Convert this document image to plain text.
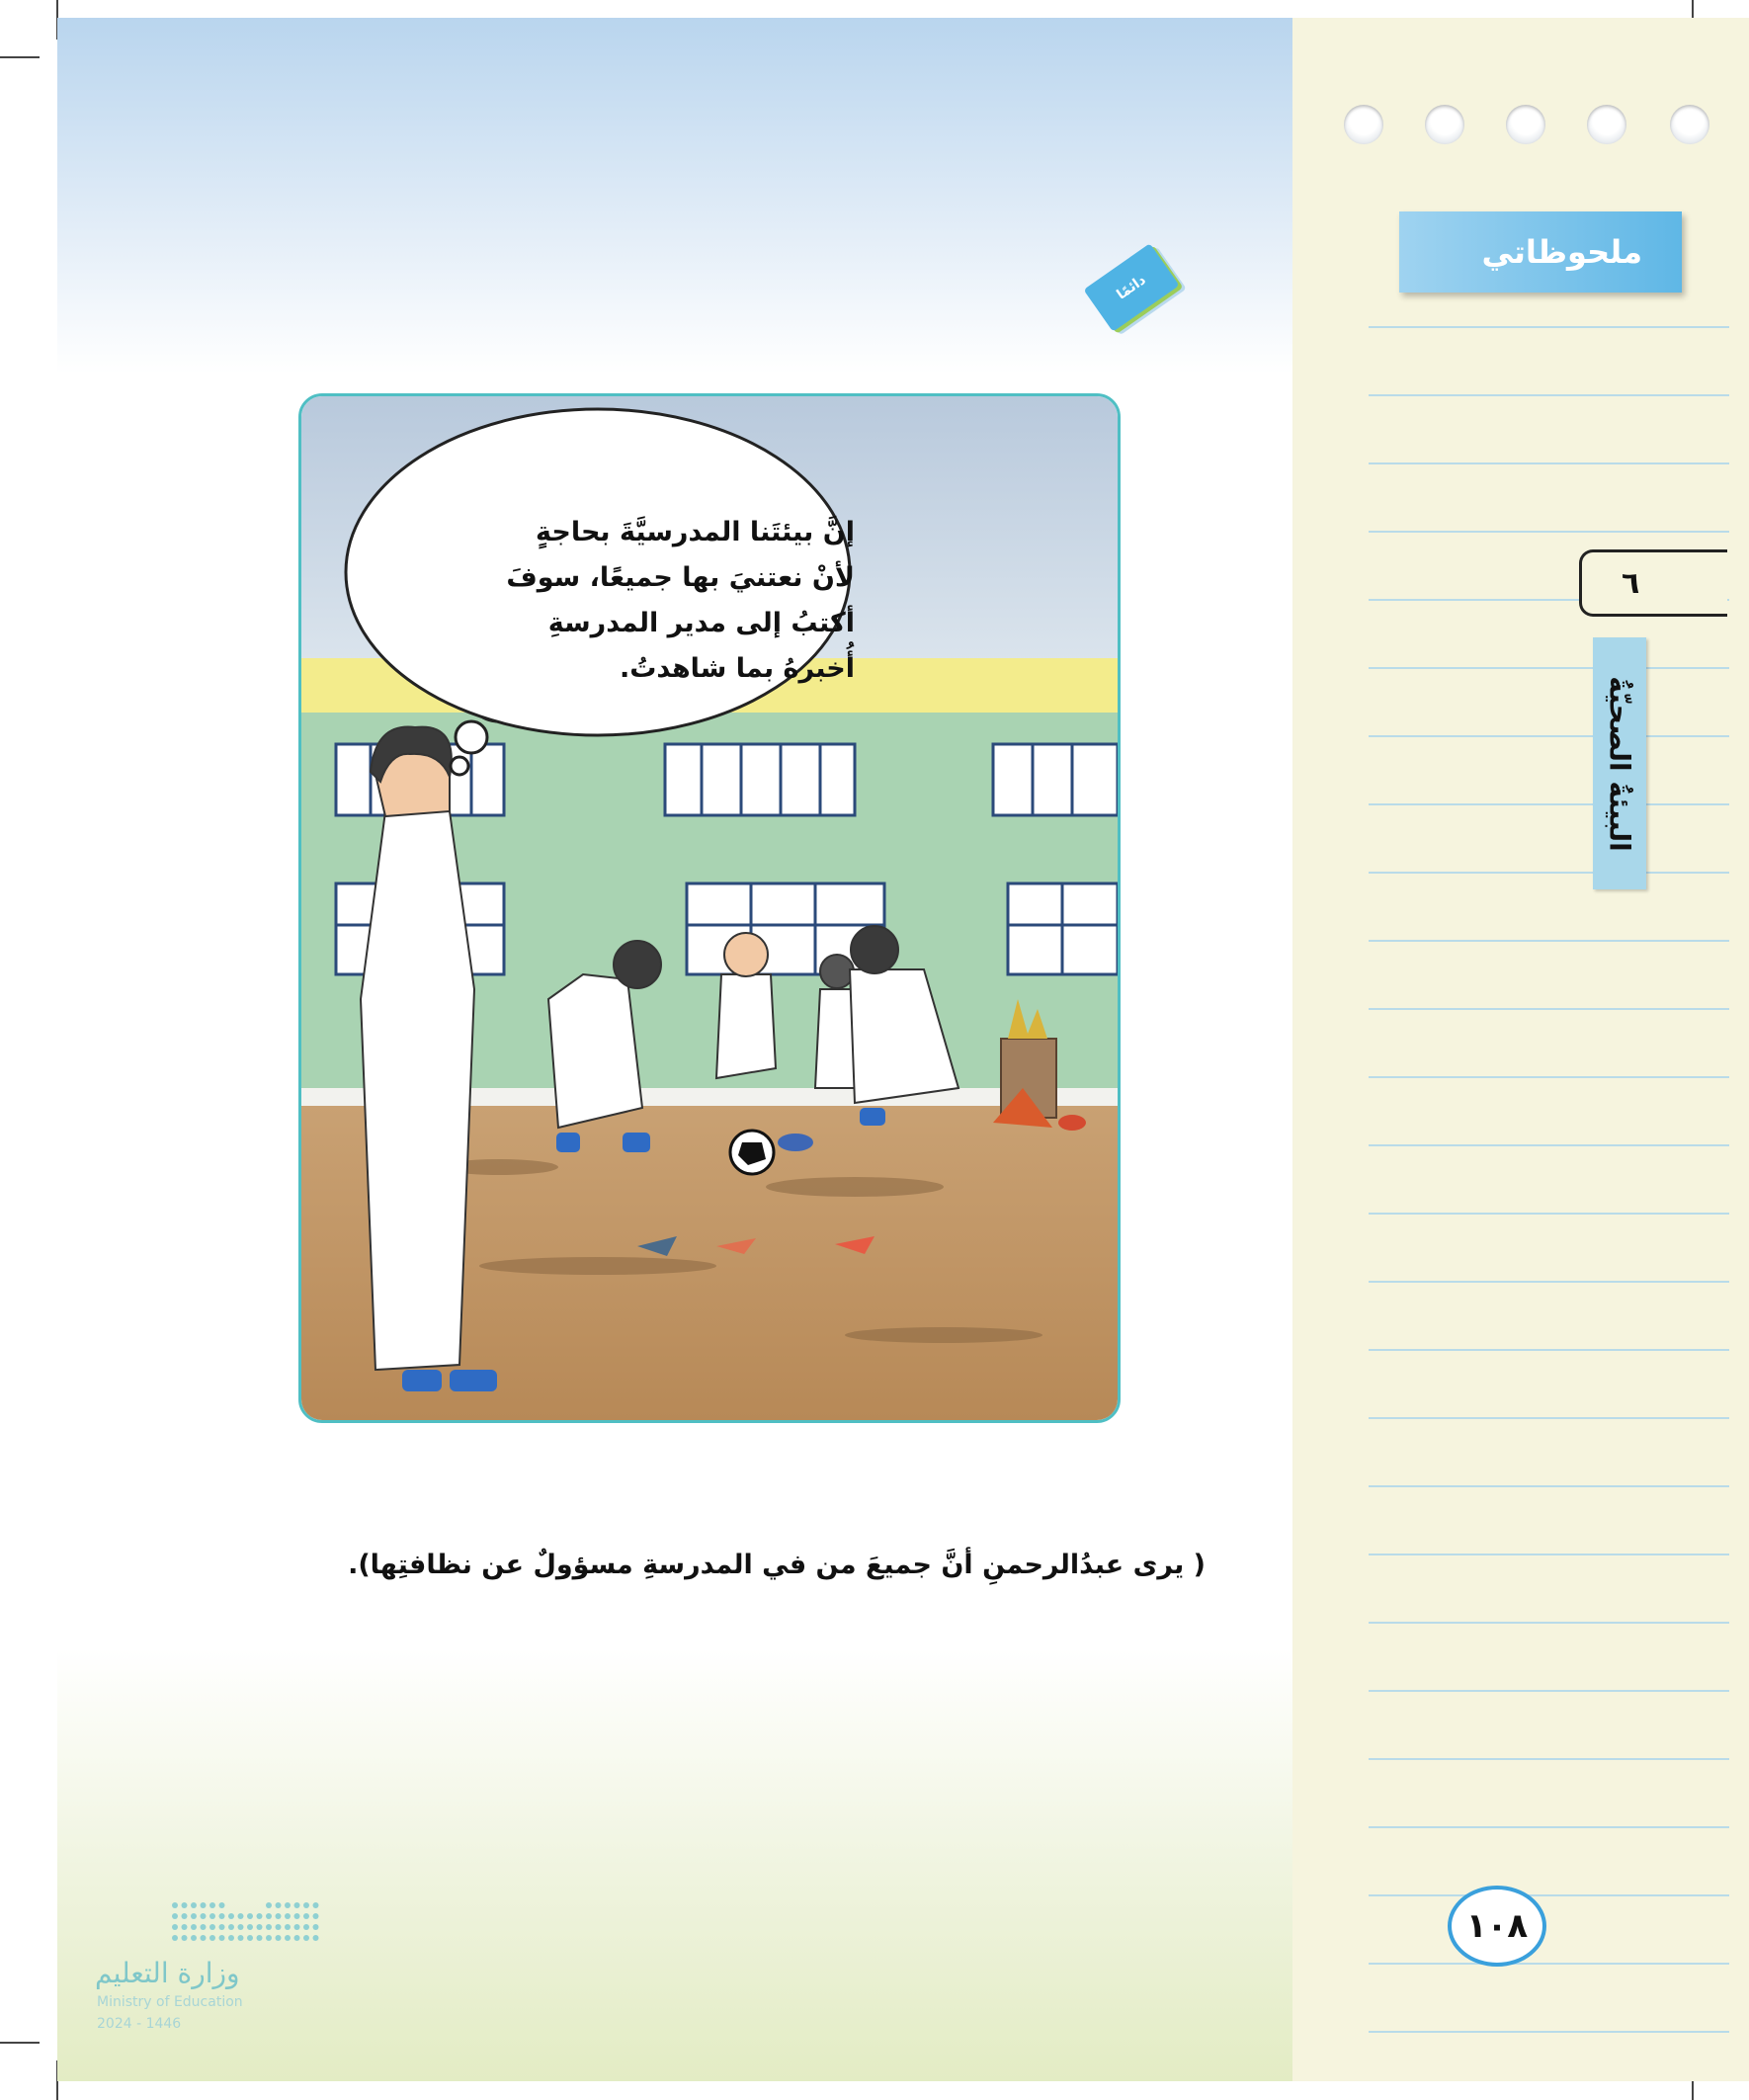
ملحوظاتي
٦
البيئةُ الصحيّةُ
١٠٨
دائمًا
إنَّ بيئتَنا المدرسيَّةَ بحاجةٍ
لأنْ نعتنيَ بها جميعًا، سوفَ
أكتبُ إلى مدير المدرسةِ
أُخبرهُ بما شاهدتُ.
( يرى عبدُالرحمنِ أنَّ جميعَ من في المدرسةِ مسؤولٌ عن نظافتِها).
وزارة التعليم
Ministry of Education
2024 - 1446
